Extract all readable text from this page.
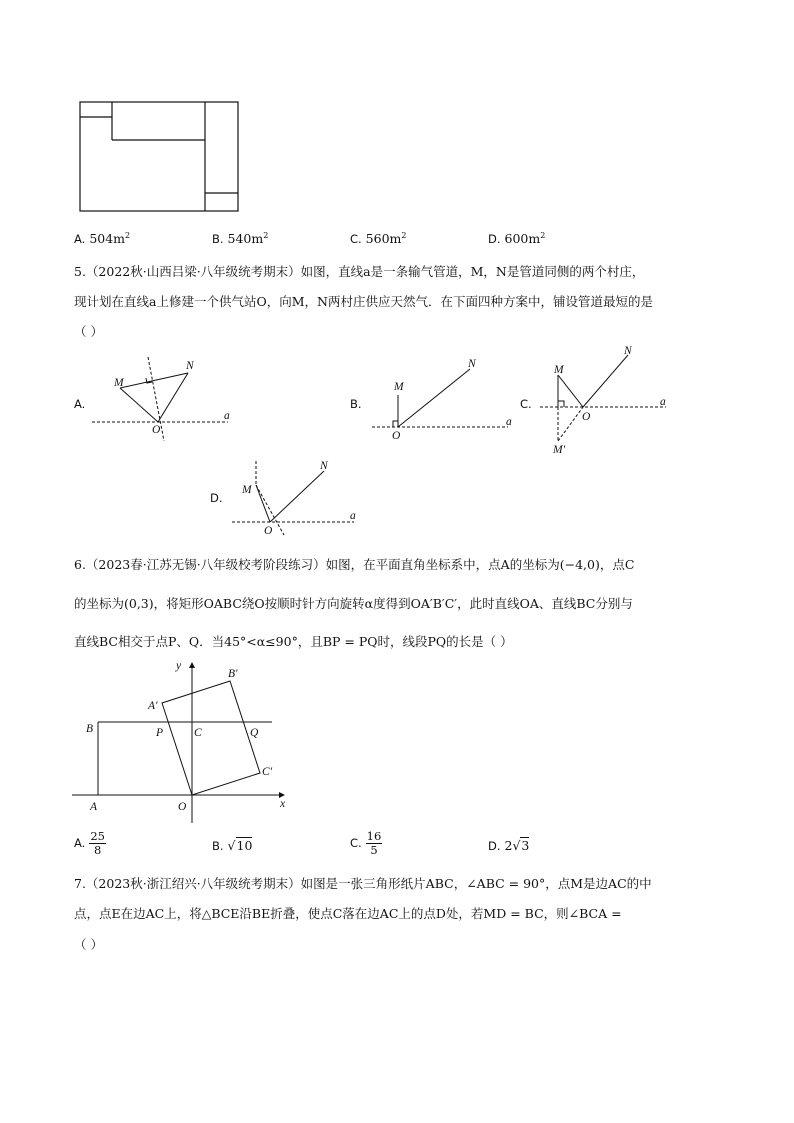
A. $504m^2$	B. $540m^2$	C. $560m^2$	D. $600m^2$
5.（2022秋·山西吕梁·八年级统考期末）如图，直线a是一条输气管道，M，N是管道同侧的两个村庄，
现计划在直线a上修建一个供气站O，向M，N两村庄供应天然气．在下面四种方案中，铺设管道最短的是
（ ）
A.
M
N
O
a
B.
M
N
O
a
C.
M
N
O
a
M′
D.
M
N
O
a
6.（2023春·江苏无锡·八年级校考阶段练习）如图，在平面直角坐标系中，点A的坐标为(−4,0)，点C
的坐标为(0,3)，将矩形OABC绕O按顺时针方向旋转α度得到OA′B′C′，此时直线OA、直线BC分别与
直线BC相交于点P、Q．当45°<α≤90°，且BP = PQ时，线段PQ的长是（ ）
y
x
B
A	O
P	C	Q
A′
B′
C′
A. $\frac{25}{8}$	B. √10	C. $\frac{16}{5}$	D. 2√3
7.（2023秋·浙江绍兴·八年级统考期末）如图是一张三角形纸片ABC，∠ABC = 90°，点M是边AC的中
点，点E在边AC上，将△BCE沿BE折叠，使点C落在边AC上的点D处，若MD = BC，则∠BCA =
（ ）
